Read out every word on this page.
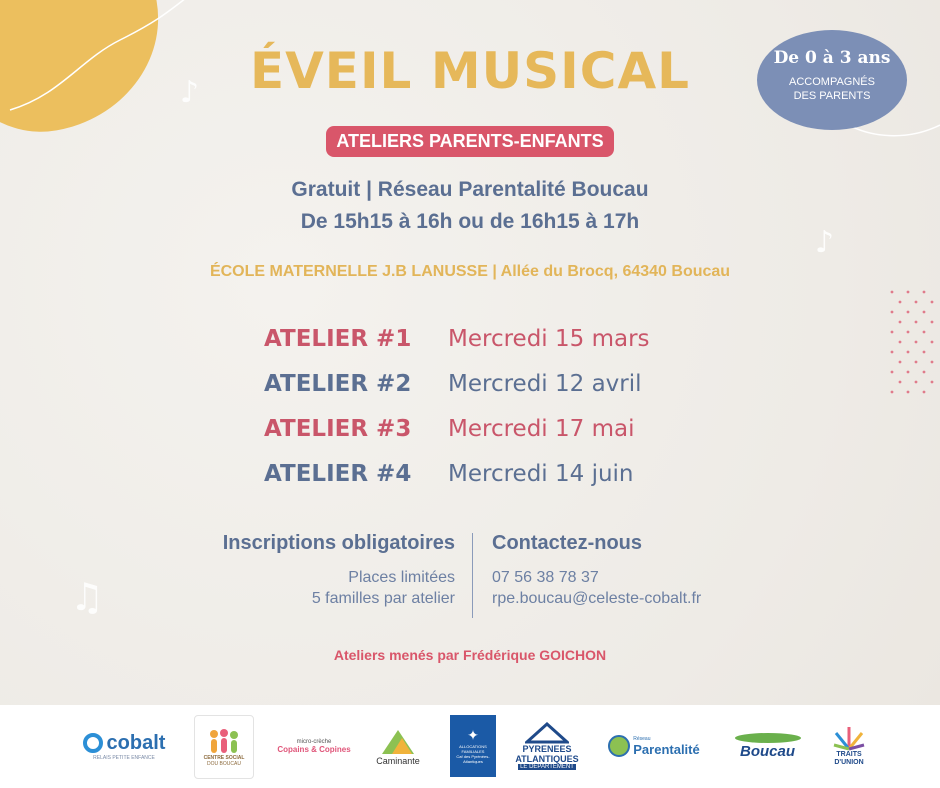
♪
♪
♫
De 0 à 3 ans
ACCOMPAGNÉS DES PARENTS
ÉVEIL MUSICAL
ATELIERS PARENTS-ENFANTS
Gratuit | Réseau Parentalité Boucau
De 15h15 à 16h ou de 16h15 à 17h
ÉCOLE MATERNELLE J.B LANUSSE | Allée du Brocq, 64340 Boucau
ATELIER #1	Mercredi 15 mars
ATELIER #2	Mercredi 12 avril
ATELIER #3	Mercredi 17 mai
ATELIER #4	Mercredi 14 juin
Inscriptions obligatoires
Places limitées
5 familles par atelier
Contactez-nous
07 56 38 78 37
rpe.boucau@celeste-cobalt.fr
Ateliers menés par Frédérique GOICHON
cobalt
RELAIS PETITE ENFANCE	CENTRE SOCIAL
DOU BOUCAU
micro-crèche
Copains & Copines
Caminante
✦
ALLOCATIONS FAMILIALES
Caf des Pyrénées-Atlantiques
PYRENEES ATLANTIQUES
LE DEPARTEMENT
Réseau
Parentalité	Boucau	TRAITS D'UNION
